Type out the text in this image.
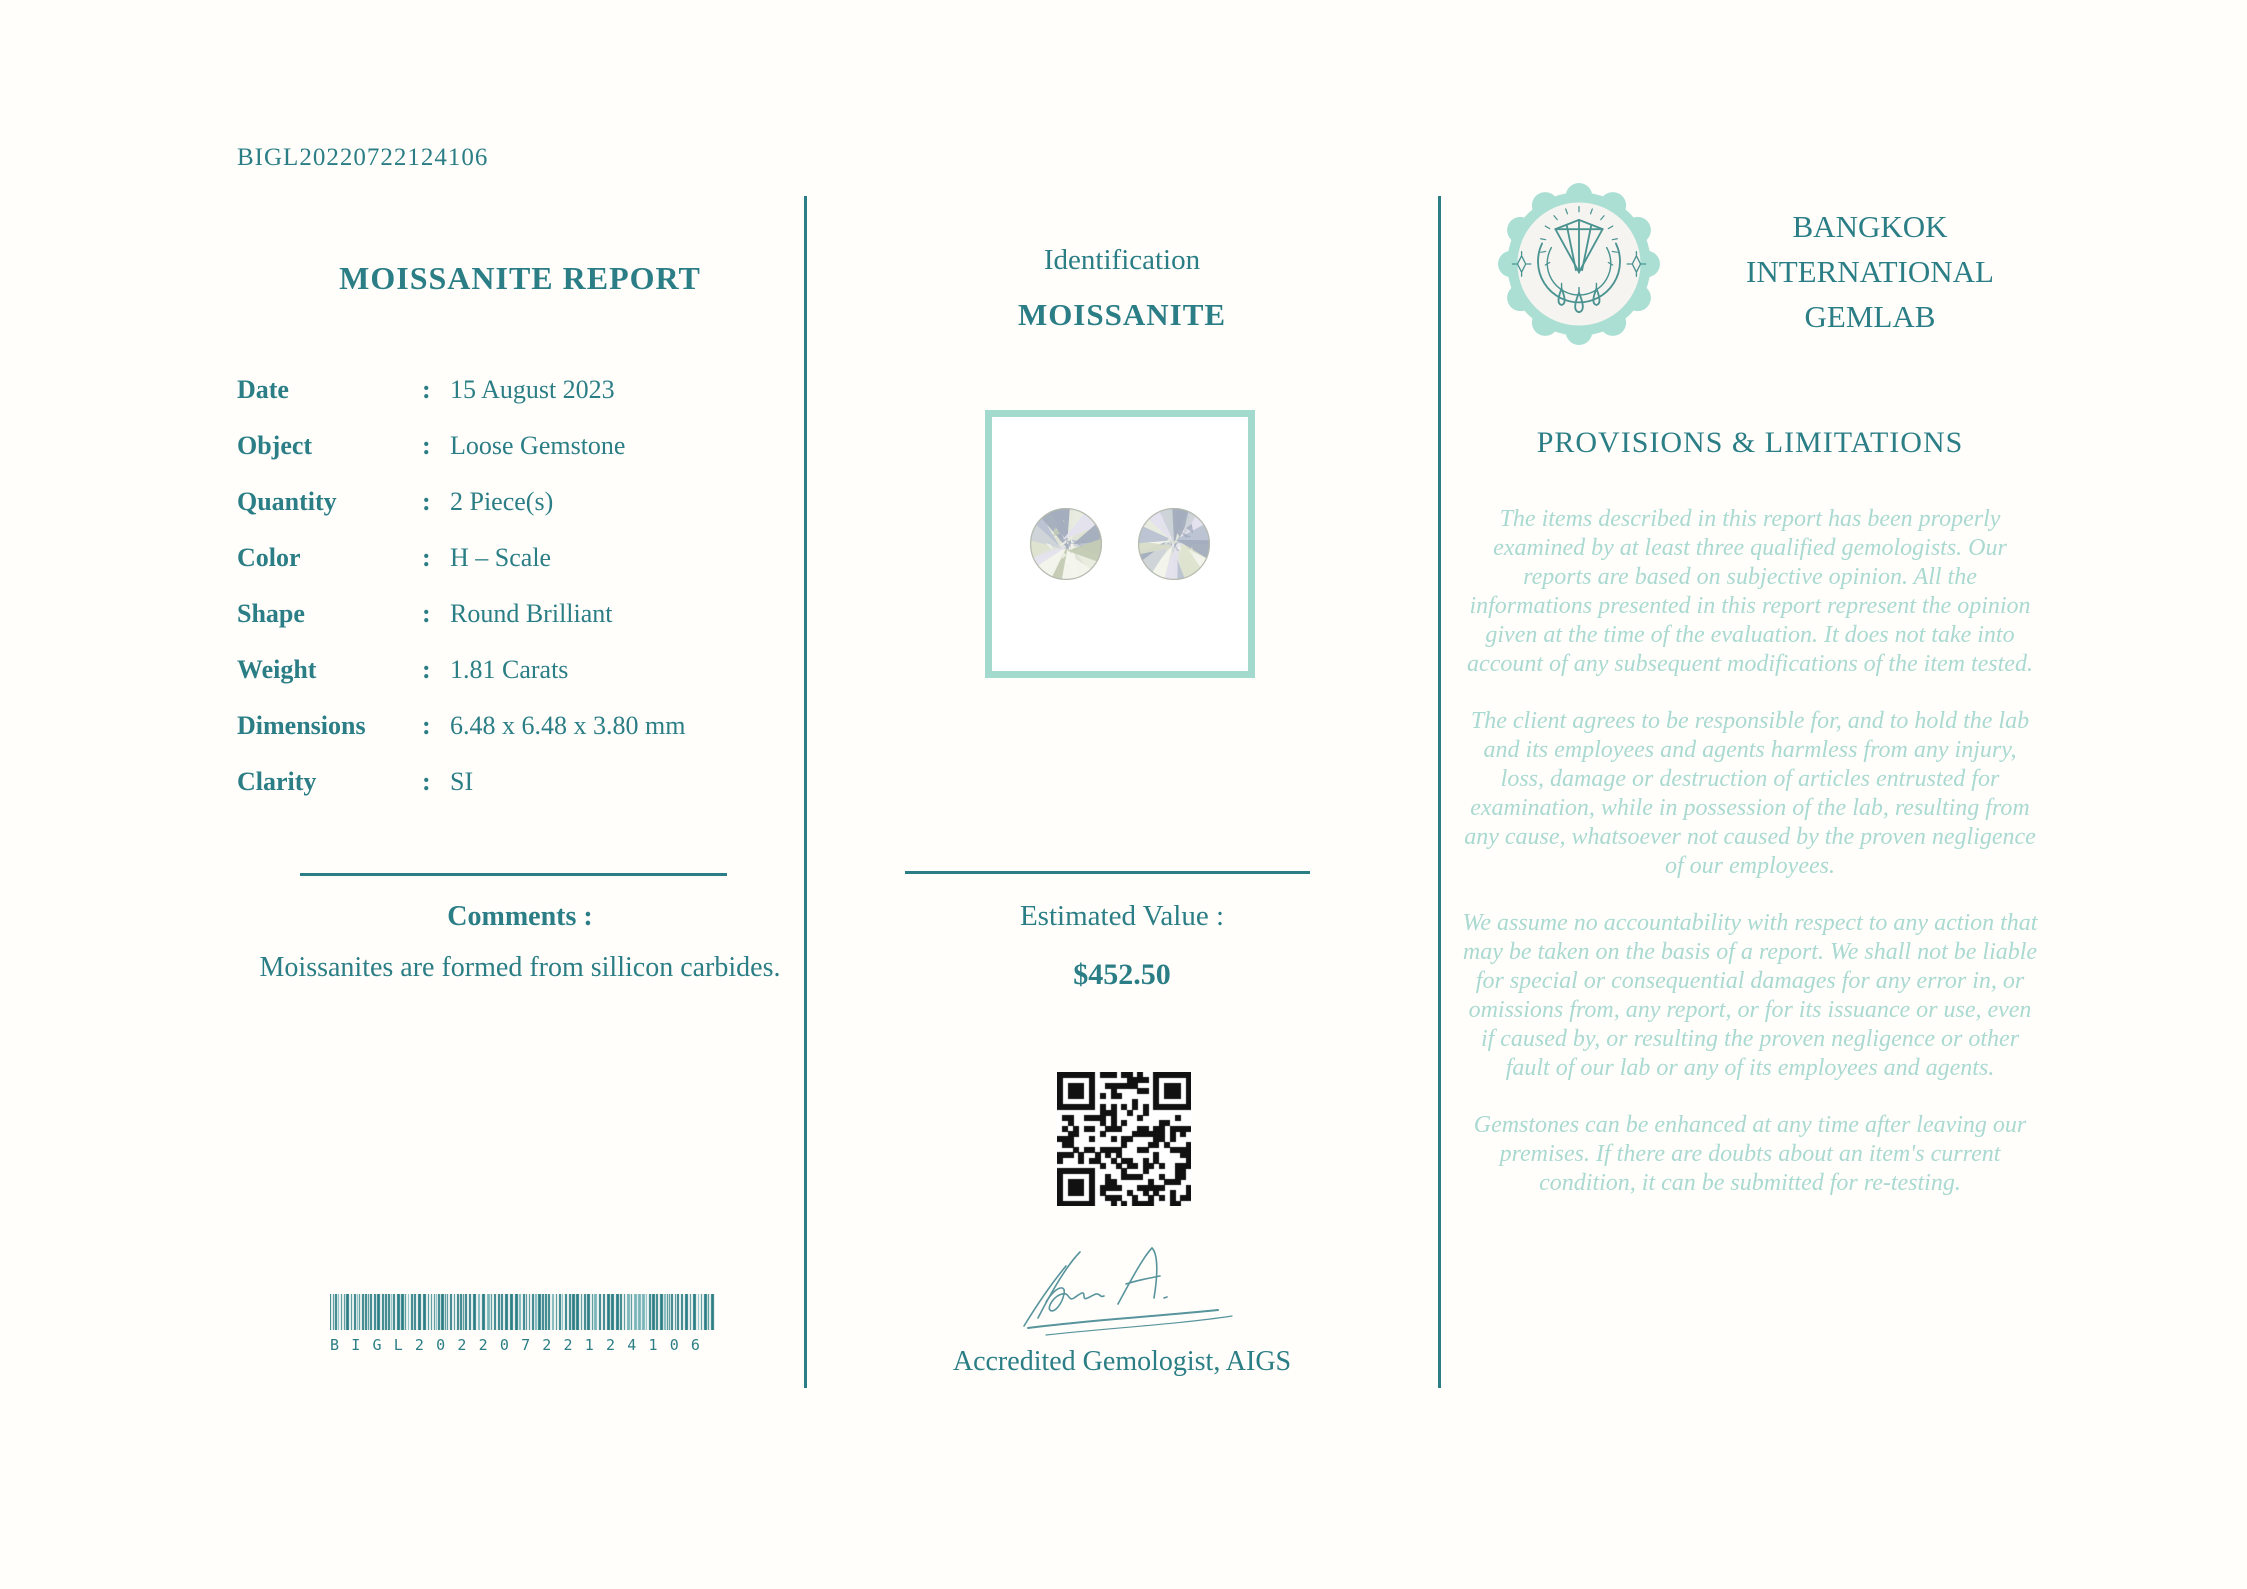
BIGL20220722124106
MOISSANITE REPORT
Date	: 15 August 2023
Object	: Loose Gemstone
Quantity	: 2 Piece(s)
Color	: H – Scale
Shape	: Round Brilliant
Weight	: 1.81 Carats
Dimensions	: 6.48 x 6.48 x 3.80 mm
Clarity	: SI
Comments :
Moissanites are formed from sillicon carbides.
BIGL20220722124106
Identification
MOISSANITE
Estimated Value :
$452.50
Accredited Gemologist, AIGS
BANGKOK
INTERNATIONAL
GEMLAB
PROVISIONS & LIMITATIONS

The items described in this report has been properly examined by at least three qualified gemologists. Our reports are based on subjective opinion. All the informations presented in this report represent the opinion given at the time of the evaluation. It does not take into account of any subsequent modifications of the item tested.

The client agrees to be responsible for, and to hold the lab and its employees and agents harmless from any injury, loss, damage or destruction of articles entrusted for examination, while in possession of the lab, resulting from any cause, whatsoever not caused by the proven negligence of our employees.

We assume no accountability with respect to any action that may be taken on the basis of a report. We shall not be liable for special or consequential damages for any error in, or omissions from, any report, or for its issuance or use, even if caused by, or resulting the proven negligence or other fault of our lab or any of its employees and agents.

Gemstones can be enhanced at any time after leaving our premises. If there are doubts about an item's current condition, it can be submitted for re-testing.
